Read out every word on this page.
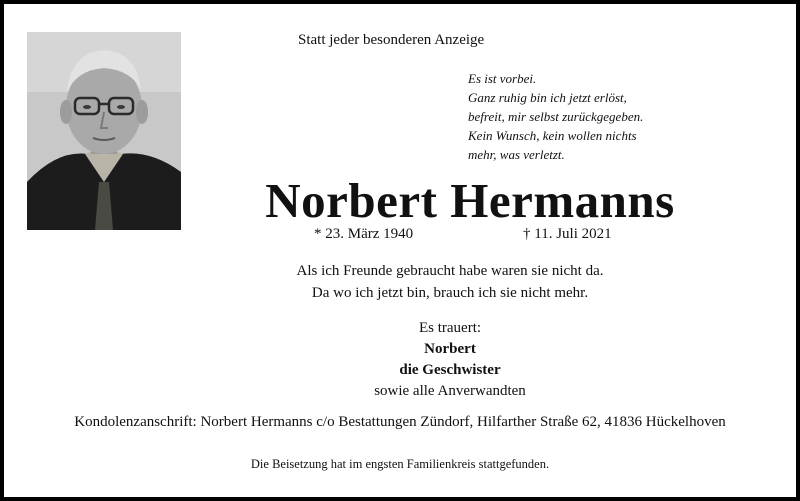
Statt jeder besonderen Anzeige
Es ist vorbei.
Ganz ruhig bin ich jetzt erlöst,
befreit, mir selbst zurückgegeben.
Kein Wunsch, kein wollen nichts
mehr, was verletzt.
Norbert Hermanns
* 23. März 1940	† 11. Juli 2021
Als ich Freunde gebraucht habe waren sie nicht da.
Da wo ich jetzt bin, brauch ich sie nicht mehr.
Es trauert:
Norbert
die Geschwister
sowie alle Anverwandten
Kondolenzanschrift: Norbert Hermanns c/o Bestattungen Zündorf, Hilfarther Straße 62, 41836 Hückelhoven
Die Beisetzung hat im engsten Familienkreis stattgefunden.
